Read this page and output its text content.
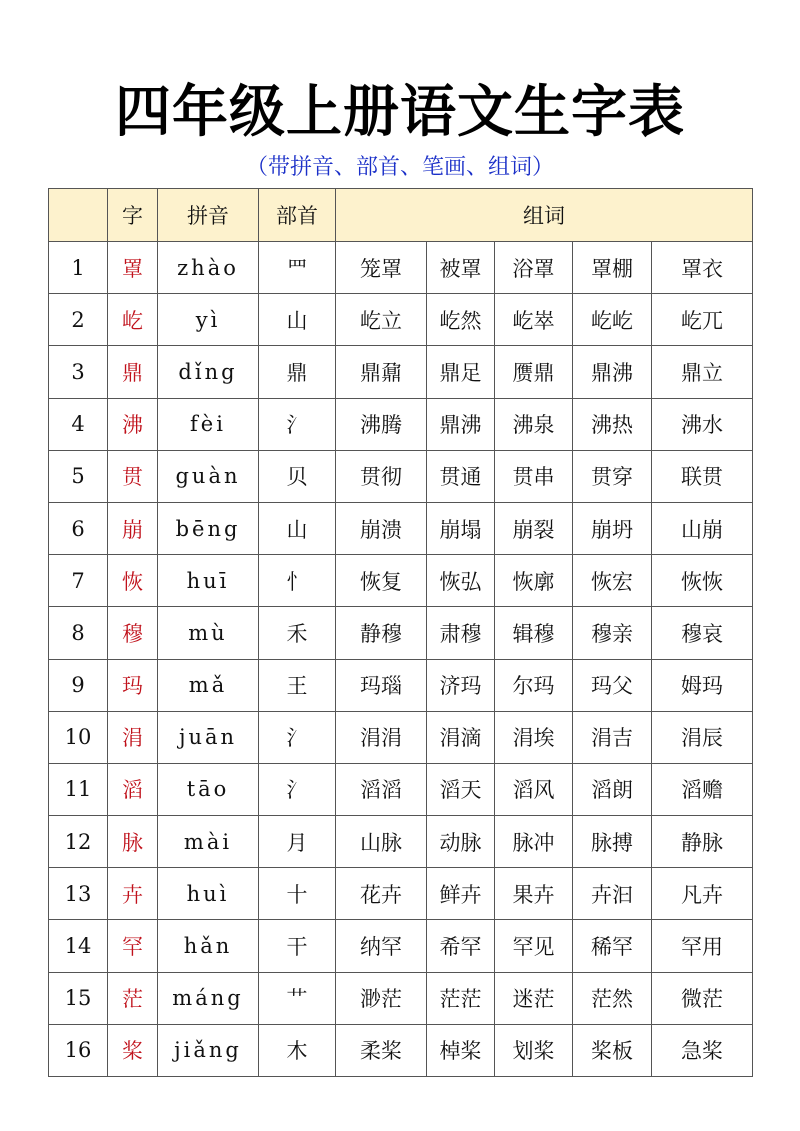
四年级上册语文生字表
（带拼音、部首、笔画、组词）
	字	拼音	部首	组词				
1	罩	zhào	罒	笼罩	被罩	浴罩	罩棚	罩衣
2	屹	yì	山	屹立	屹然	屹崒	屹屹	屹兀
3	鼎	dǐng	鼎	鼎鼐	鼎足	赝鼎	鼎沸	鼎立
4	沸	fèi	氵	沸腾	鼎沸	沸泉	沸热	沸水
5	贯	guàn	贝	贯彻	贯通	贯串	贯穿	联贯
6	崩	bēng	山	崩溃	崩塌	崩裂	崩坍	山崩
7	恢	huī	忄	恢复	恢弘	恢廓	恢宏	恢恢
8	穆	mù	禾	静穆	肃穆	辑穆	穆亲	穆哀
9	玛	mǎ	王	玛瑙	济玛	尔玛	玛父	姆玛
10	涓	juān	氵	涓涓	涓滴	涓埃	涓吉	涓辰
11	滔	tāo	氵	滔滔	滔天	滔风	滔朗	滔赡
12	脉	mài	月	山脉	动脉	脉冲	脉搏	静脉
13	卉	huì	十	花卉	鲜卉	果卉	卉汩	凡卉
14	罕	hǎn	干	纳罕	希罕	罕见	稀罕	罕用
15	茫	máng	艹	渺茫	茫茫	迷茫	茫然	微茫
16	桨	jiǎng	木	柔桨	棹桨	划桨	桨板	急桨
